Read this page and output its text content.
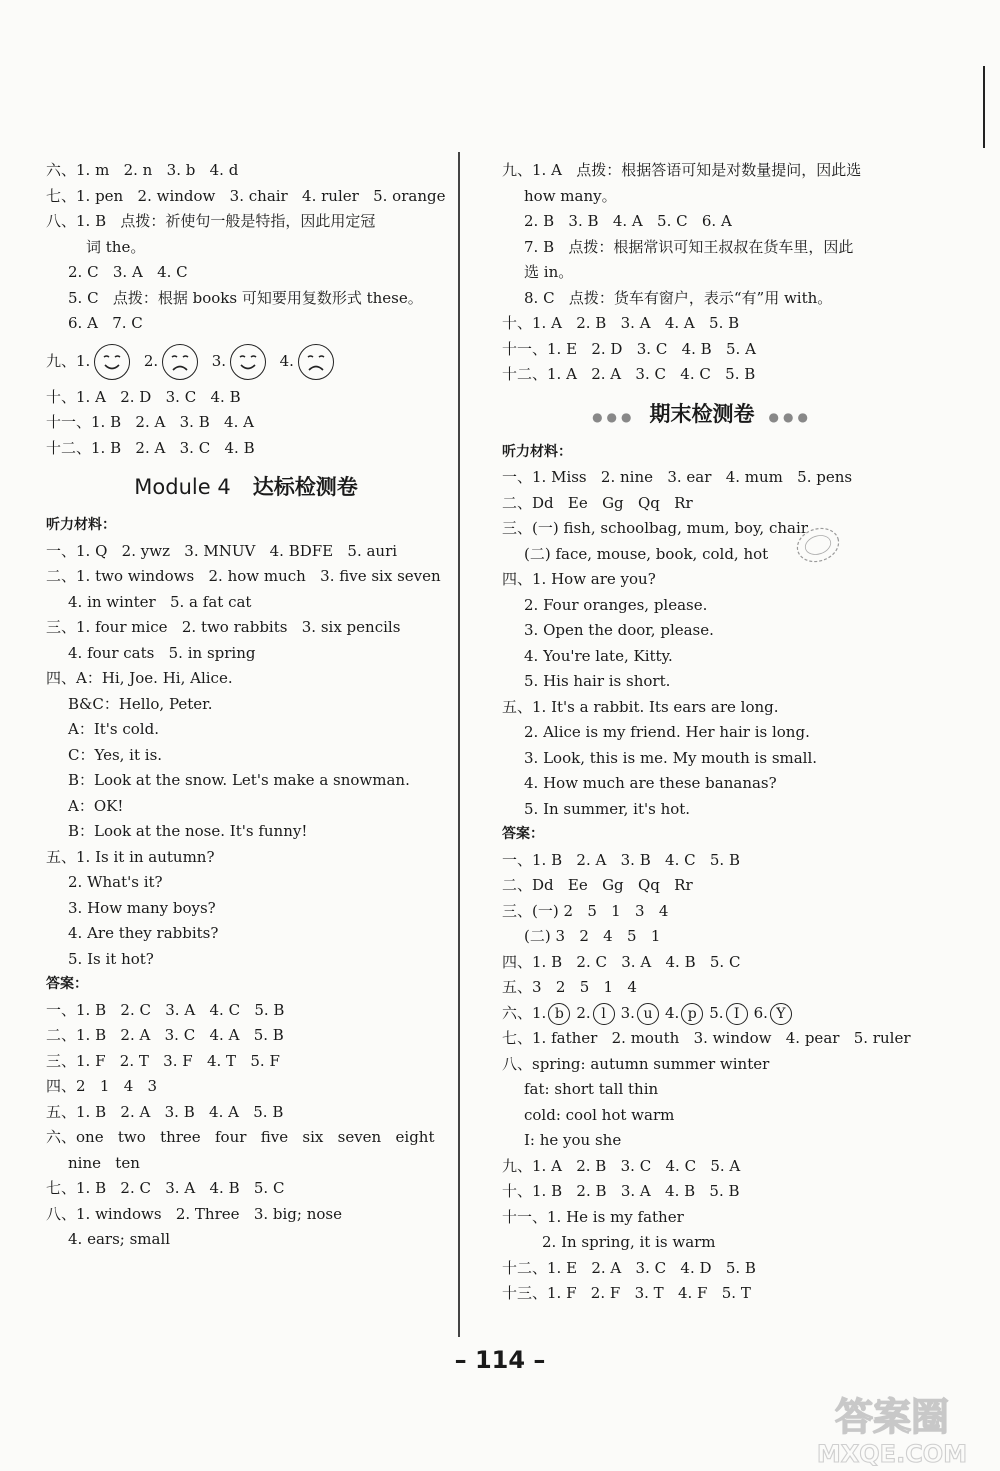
六、1. m   2. n   3. b   4. d
七、1. pen   2. window   3. chair   4. ruler   5. orange
八、1. B   点拨：祈使句一般是特指，因此用定冠
词 the。
2. C   3. A   4. C
5. C   点拨：根据 books 可知要用复数形式 these。
6. A   7. C
九、1.	2.	3.	4.

十、1. A   2. D   3. C   4. B
十一、1. B   2. A   3. B   4. A
十二、1. B   2. A   3. C   4. B
Module 4 达标检测卷
听力材料：
一、1. Q   2. ywz   3. MNUV   4. BDFE   5. auri
二、1. two windows   2. how much   3. five six seven
4. in winter   5. a fat cat
三、1. four mice   2. two rabbits   3. six pencils
4. four cats   5. in spring
四、A：Hi, Joe. Hi, Alice.
B&C：Hello, Peter.
A：It's cold.
C：Yes, it is.
B：Look at the snow. Let's make a snowman.
A：OK!
B：Look at the nose. It's funny!
五、1. Is it in autumn?
2. What's it?
3. How many boys?
4. Are they rabbits?
5. Is it hot?
答案：
一、1. B   2. C   3. A   4. C   5. B
二、1. B   2. A   3. C   4. A   5. B
三、1. F   2. T   3. F   4. T   5. F
四、2   1   4   3
五、1. B   2. A   3. B   4. A   5. B
六、one   two   three   four   five   six   seven   eight
nine   ten
七、1. B   2. C   3. A   4. B   5. C
八、1. windows   2. Three   3. big; nose
4. ears; small
九、1. A   点拨：根据答语可知是对数量提问，因此选
how many。
2. B   3. B   4. A   5. C   6. A
7. B   点拨：根据常识可知王叔叔在货车里，因此
选 in。
8. C   点拨：货车有窗户，表示“有”用 with。
十、1. A   2. B   3. A   4. A   5. B
十一、1. E   2. D   3. C   4. B   5. A
十二、1. A   2. A   3. C   4. C   5. B
●●● 期末检测卷 ●●●
听力材料：
一、1. Miss   2. nine   3. ear   4. mum   5. pens
二、Dd   Ee   Gg   Qq   Rr
三、(一) fish, schoolbag, mum, boy, chair
(二) face, mouse, book, cold, hot
四、1. How are you?
2. Four oranges, please.
3. Open the door, please.
4. You're late, Kitty.
5. His hair is short.
五、1. It's a rabbit. Its ears are long.
2. Alice is my friend. Her hair is long.
3. Look, this is me. My mouth is small.
4. How much are these bananas?
5. In summer, it's hot.
答案：
一、1. B   2. A   3. B   4. C   5. B
二、Dd   Ee   Gg   Qq   Rr
三、(一) 2   5   1   3   4
(二) 3   2   4   5   1
四、1. B   2. C   3. A   4. B   5. C
五、3   2   5   1   4
六、1. b 2. l 3. u 4. p 5. I 6. Y
七、1. father   2. mouth   3. window   4. pear   5. ruler
八、spring: autumn summer winter
fat: short tall thin
cold: cool hot warm
I: he you she
九、1. A   2. B   3. C   4. C   5. A
十、1. B   2. B   3. A   4. B   5. B
十一、1. He is my father
2. In spring, it is warm
十二、1. E   2. A   3. C   4. D   5. B
十三、1. F   2. F   3. T   4. F   5. T
– 114 –
答案圈
MXQE.COM
